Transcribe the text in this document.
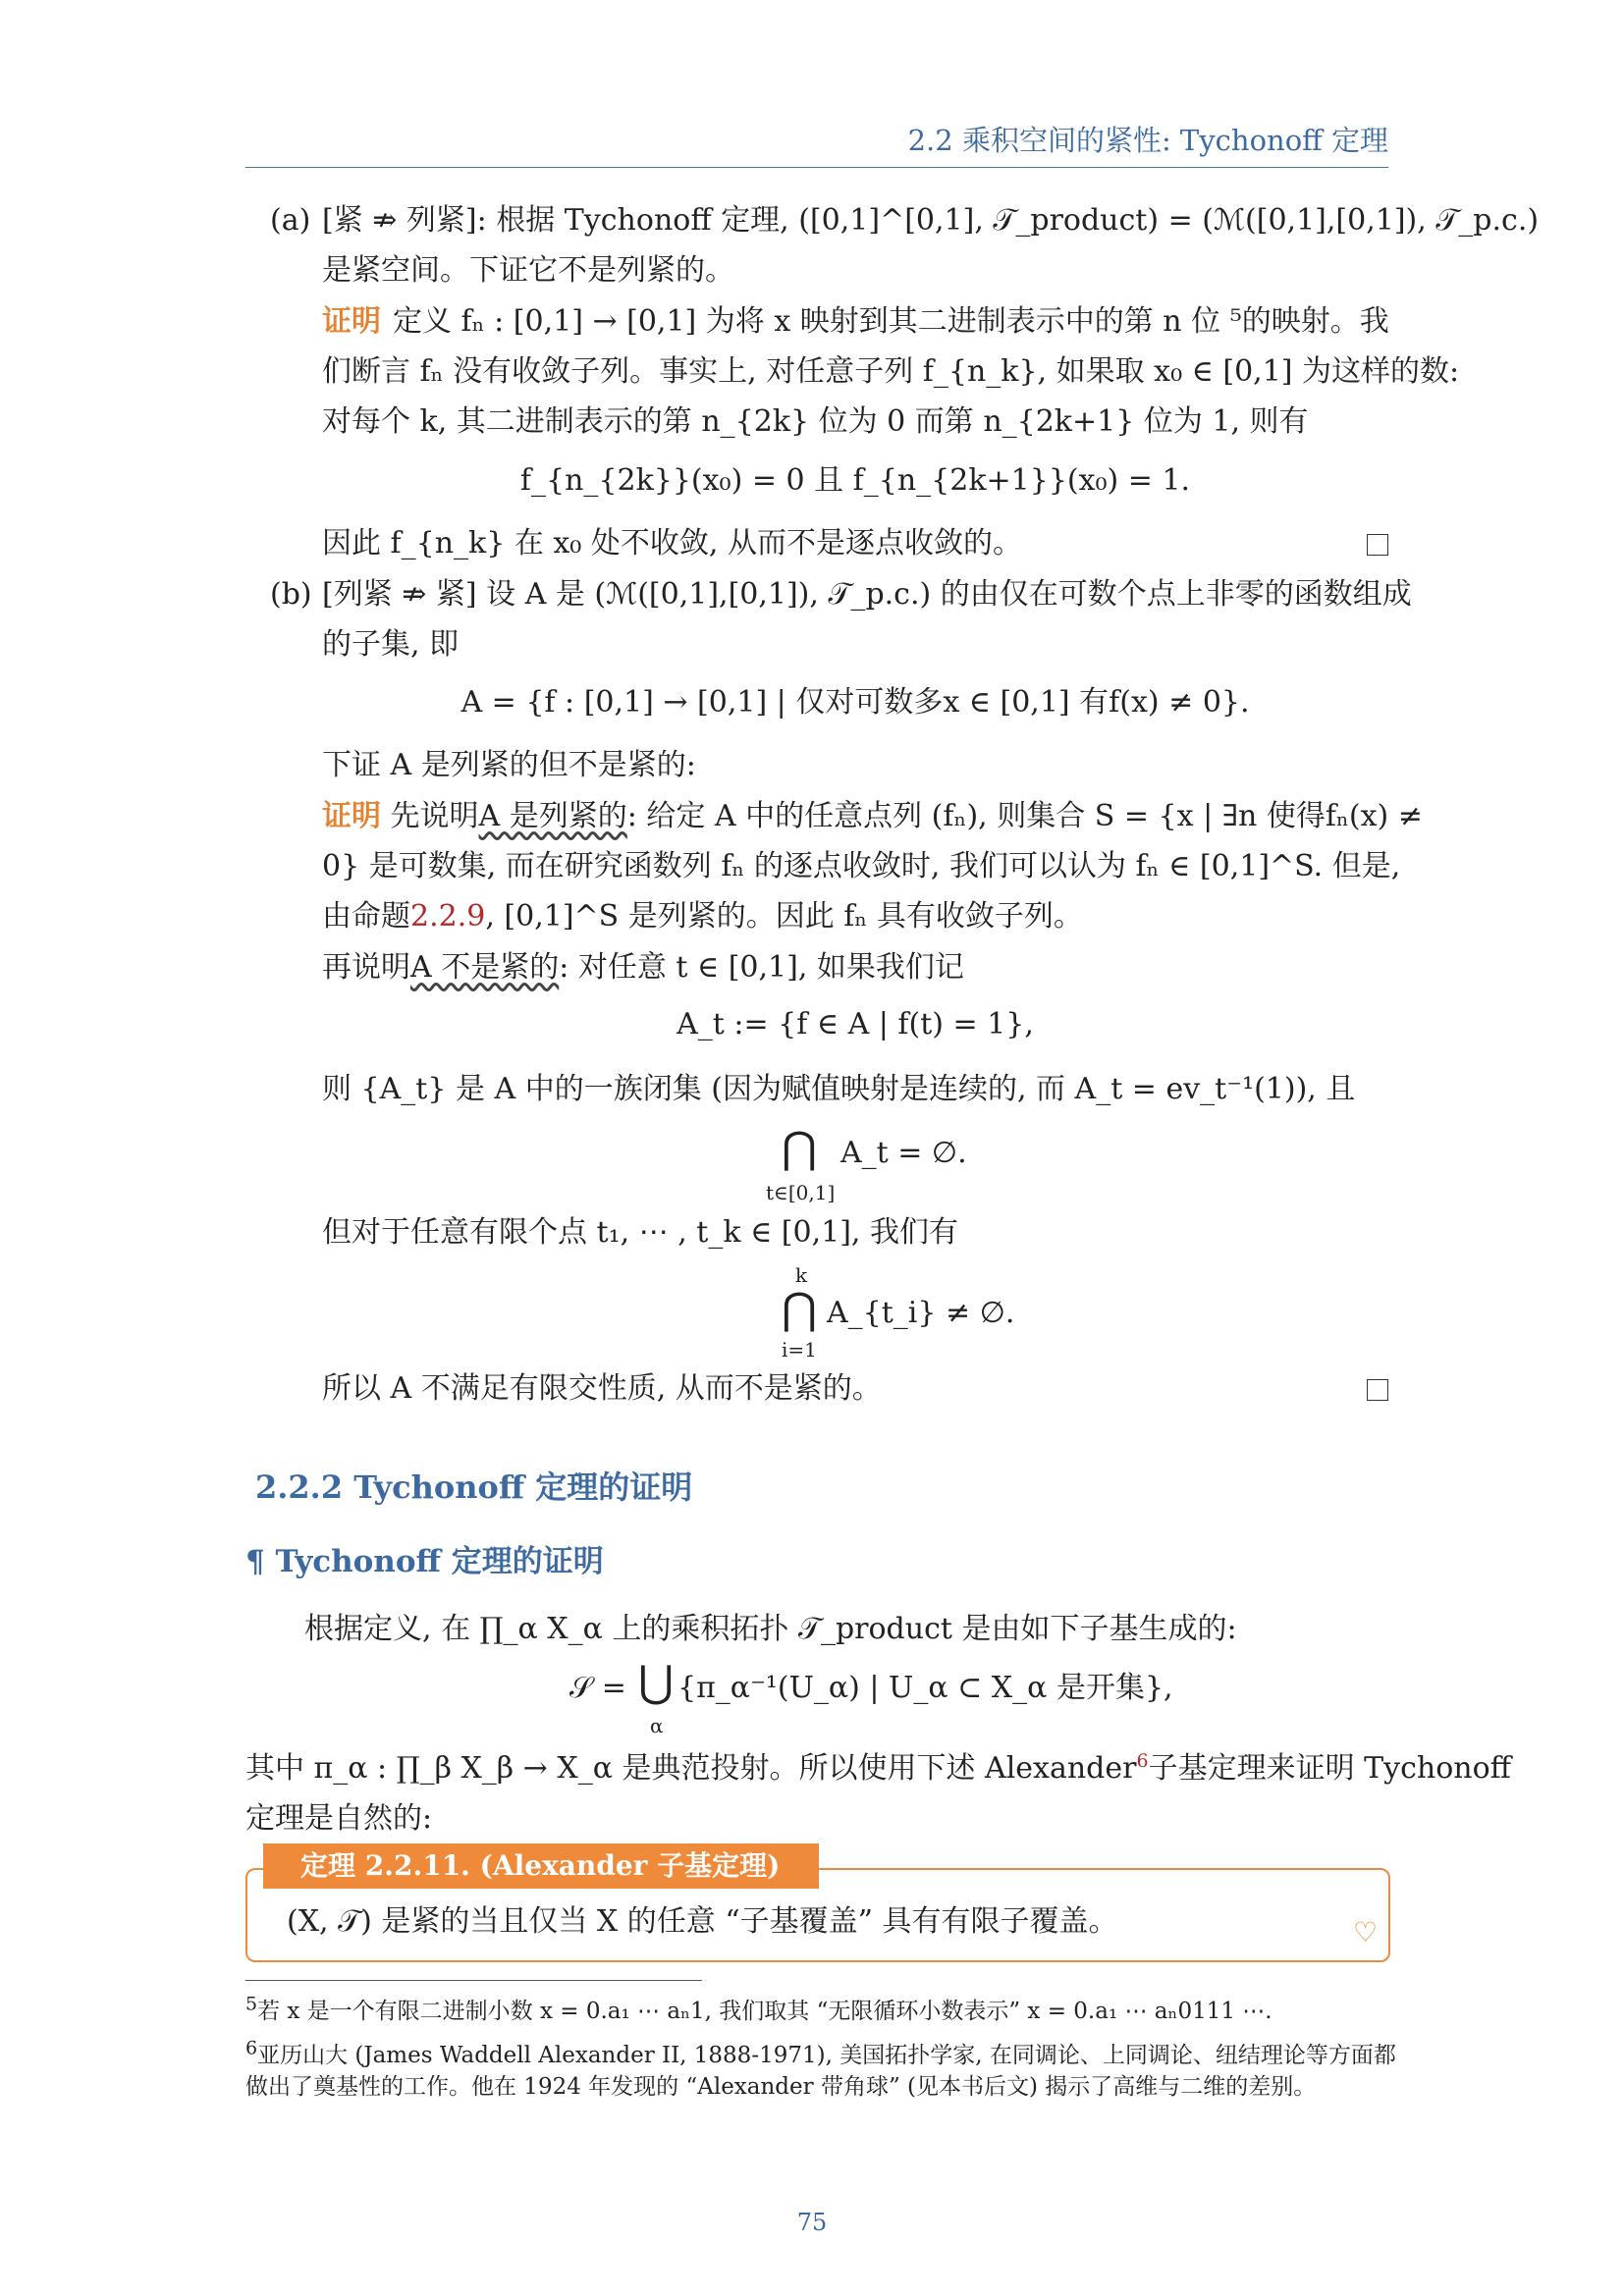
2.2 乘积空间的紧性: Tychonoff 定理
(a) [紧 ⇏ 列紧]: 根据 Tychonoff 定理, ([0,1]^[0,1], 𝒯_product) = (ℳ([0,1],[0,1]), 𝒯_p.c.)
是紧空间。下证它不是列紧的。
证明 定义 fₙ : [0,1] → [0,1] 为将 x 映射到其二进制表示中的第 n 位 ⁵的映射。我
们断言 fₙ 没有收敛子列。事实上, 对任意子列 f_{n_k}, 如果取 x₀ ∈ [0,1] 为这样的数:
对每个 k, 其二进制表示的第 n_{2k} 位为 0 而第 n_{2k+1} 位为 1, 则有
f_{n_{2k}}(x₀) = 0 且 f_{n_{2k+1}}(x₀) = 1.
因此 f_{n_k} 在 x₀ 处不收敛, 从而不是逐点收敛的。
(b) [列紧 ⇏ 紧] 设 A 是 (ℳ([0,1],[0,1]), 𝒯_p.c.) 的由仅在可数个点上非零的函数组成
的子集, 即
A = {f : [0,1] → [0,1] | 仅对可数多x ∈ [0,1] 有f(x) ≠ 0}.
下证 A 是列紧的但不是紧的:
证明 先说明A 是列紧的: 给定 A 中的任意点列 (fₙ), 则集合 S = {x | ∃n 使得fₙ(x) ≠
0} 是可数集, 而在研究函数列 fₙ 的逐点收敛时, 我们可以认为 fₙ ∈ [0,1]^S. 但是,
由命题2.2.9, [0,1]^S 是列紧的。因此 fₙ 具有收敛子列。
再说明A 不是紧的: 对任意 t ∈ [0,1], 如果我们记
A_t := {f ∈ A | f(t) = 1},
则 {A_t} 是 A 中的一族闭集 (因为赋值映射是连续的, 而 A_t = ev_t⁻¹(1)), 且
⋂ A_t = ∅.
t∈[0,1]
但对于任意有限个点 t₁, ⋯ , t_k ∈ [0,1], 我们有
k
⋂ A_{t_i} ≠ ∅.
i=1
所以 A 不满足有限交性质, 从而不是紧的。
2.2.2 Tychonoff 定理的证明
¶ Tychonoff 定理的证明
根据定义, 在 ∏_α X_α 上的乘积拓扑 𝒯_product 是由如下子基生成的:
𝒮 = ⋃ {π_α⁻¹(U_α) | U_α ⊂ X_α 是开集},
α
其中 π_α : ∏_β X_β → X_α 是典范投射。所以使用下述 Alexander$^6$子基定理来证明 Tychonoff
定理是自然的:
定理 2.2.11. (Alexander 子基定理)
(X, 𝒯) 是紧的当且仅当 X 的任意 “子基覆盖” 具有有限子覆盖。	♡
$^5$若 x 是一个有限二进制小数 x = 0.a₁ ⋯ aₙ1, 我们取其 “无限循环小数表示” x = 0.a₁ ⋯ aₙ0111 ⋯.
$^6$亚历山大 (James Waddell Alexander II, 1888-1971), 美国拓扑学家, 在同调论、上同调论、纽结理论等方面都
做出了奠基性的工作。他在 1924 年发现的 “Alexander 带角球” (见本书后文) 揭示了高维与二维的差别。
75
